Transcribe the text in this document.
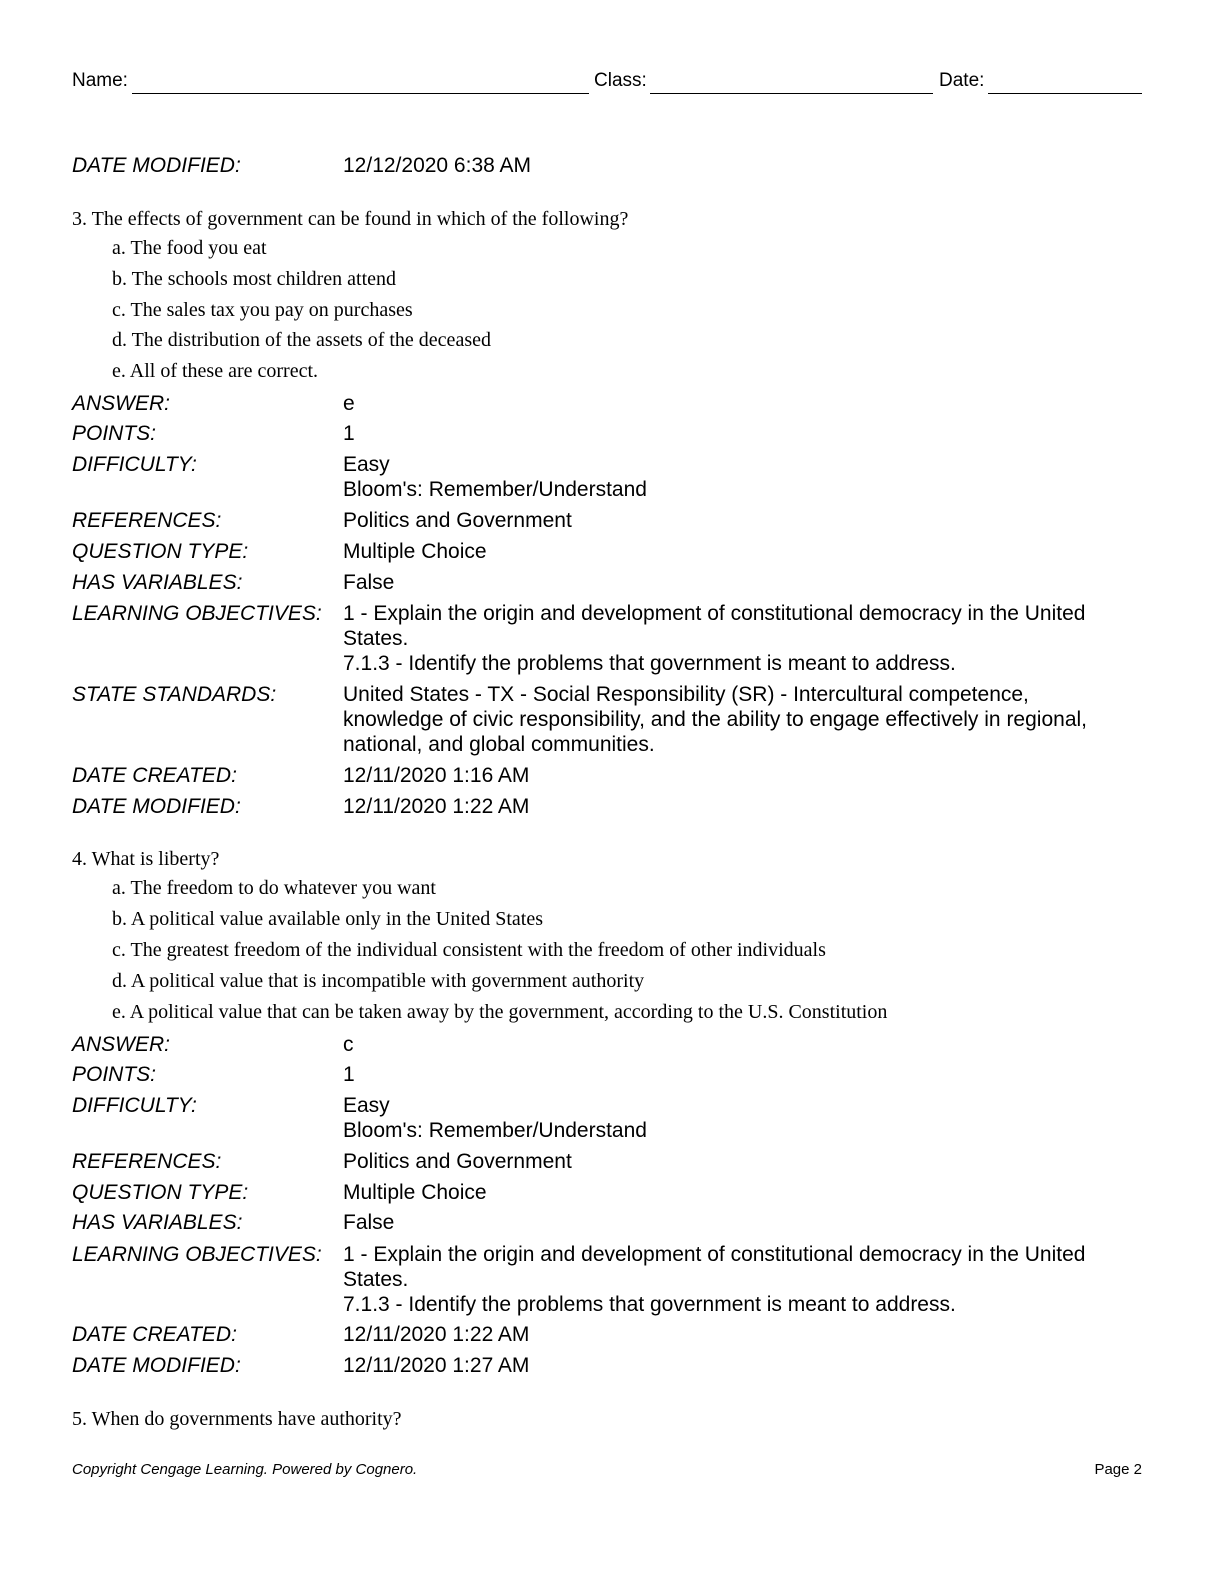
Name:	Class:	Date:
DATE MODIFIED:	12/12/2020 6:38 AM
3. The effects of government can be found in which of the following?
a. The food you eat
b. The schools most children attend
c. The sales tax you pay on purchases
d. The distribution of the assets of the deceased
e. All of these are correct.
ANSWER:	e
POINTS:	1
DIFFICULTY:	Easy
Bloom's: Remember/Understand
REFERENCES:	Politics and Government
QUESTION TYPE:	Multiple Choice
HAS VARIABLES:	False
LEARNING OBJECTIVES: 1 - Explain the origin and development of constitutional democracy in the United States.
7.1.3 - Identify the problems that government is meant to address.
STATE STANDARDS:	United States - TX - Social Responsibility (SR) - Intercultural competence, knowledge of civic responsibility, and the ability to engage effectively in regional, national, and global communities.
DATE CREATED:	12/11/2020 1:16 AM
DATE MODIFIED:	12/11/2020 1:22 AM
4. What is liberty?
a. The freedom to do whatever you want
b. A political value available only in the United States
c. The greatest freedom of the individual consistent with the freedom of other individuals
d. A political value that is incompatible with government authority
e. A political value that can be taken away by the government, according to the U.S. Constitution
ANSWER:	c
POINTS:	1
DIFFICULTY:	Easy
Bloom's: Remember/Understand
REFERENCES:	Politics and Government
QUESTION TYPE:	Multiple Choice
HAS VARIABLES:	False
LEARNING OBJECTIVES: 1 - Explain the origin and development of constitutional democracy in the United States.
7.1.3 - Identify the problems that government is meant to address.
DATE CREATED:	12/11/2020 1:22 AM
DATE MODIFIED:	12/11/2020 1:27 AM
5. When do governments have authority?
Copyright Cengage Learning. Powered by Cognero.	Page 2
